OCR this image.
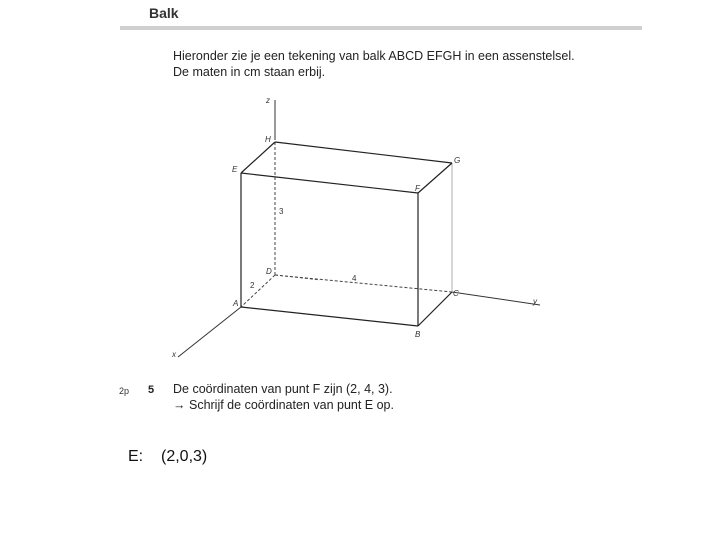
Balk
Hieronder zie je een tekening van balk ABCD EFGH in een assenstelsel.
De maten in cm staan erbij.
z
y
x
H
G
E
F
D
C
A
B
3
4
2
2p 5 De coördinaten van punt F zijn (2, 4, 3).
→ Schrijf de coördinaten van punt E op.
E: (2,0,3)
